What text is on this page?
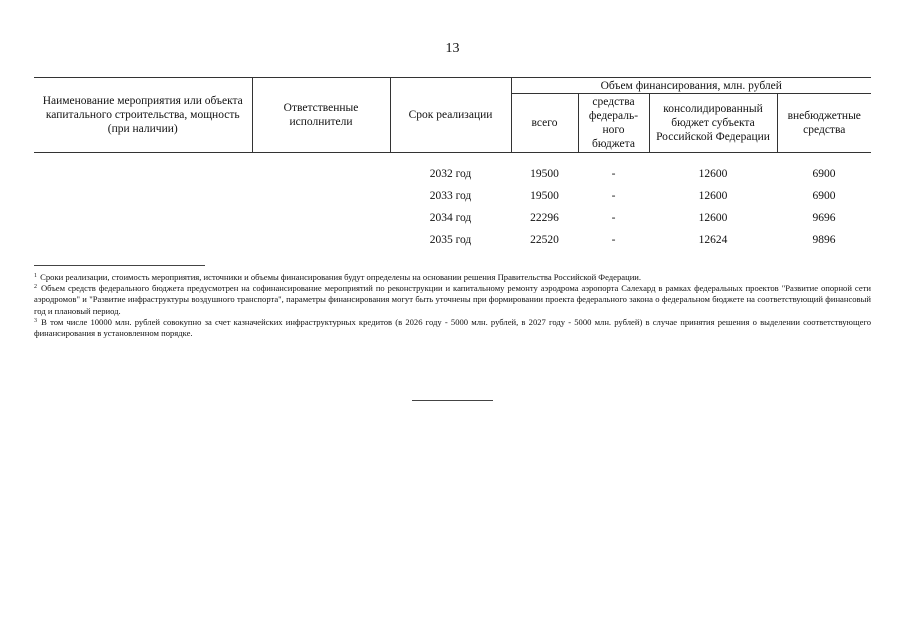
13
Наименование мероприятия или объекта капитального строительства, мощность (при наличии)	Ответственные исполнители	Срок реализации	Объем финансирования, млн. рублей			
			всего	средства федераль-ного бюджета	консолидированный бюджет субъекта Российской Федерации	внебюджетные средства
		2032 год	19500	-	12600	6900
		2033 год	19500	-	12600	6900
		2034 год	22296	-	12600	9696
		2035 год	22520	-	12624	9896

$^1$ Сроки реализации, стоимость мероприятия, источники и объемы финансирования будут определены на основании решения Правительства Российской Федерации.

$^2$ Объем средств федерального бюджета предусмотрен на софинансирование мероприятий по реконструкции и капитальному ремонту аэродрома аэропорта Салехард в рамках федеральных проектов "Развитие опорной сети аэродромов" и "Развитие инфраструктуры воздушного транспорта", параметры финансирования могут быть уточнены при формировании проекта федерального закона о федеральном бюджете на соответствующий финансовый год и плановый период.

$^3$ В том числе 10000 млн. рублей совокупно за счет казначейских инфраструктурных кредитов (в 2026 году - 5000 млн. рублей, в 2027 году - 5000 млн. рублей) в случае принятия решения о выделении соответствующего финансирования в установленном порядке.
